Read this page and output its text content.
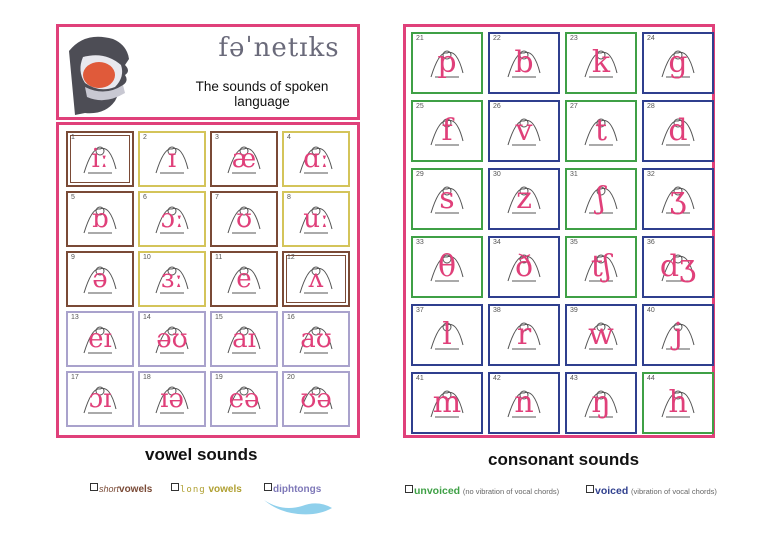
fəˈnetɪks
The sounds of spoken language
1
iː
2
ɪ
3
æ
4
ɑː
5
ɒ
6
ɔː
7
ʊ
8
uː
9
ə
10
ɜː
11
e
12
ʌ
13
eɪ
14
əʊ
15
aɪ
16
aʊ
17
ɔɪ
18
ɪə
19
eə
20
ʊə
21
p
22
b
23
k
24
g
25
f
26
v
27
t
28
d
29
s
30
z
31
ʃ
32
ʒ
33
θ
34
ð
35
tʃ
36
dʒ
37
l
38
r
39
w
40
j
41
m
42
n
43
ŋ
44
h
vowel sounds	consonant sounds
shortvowels	long vowels	diphtongs	unvoiced (no vibration of vocal chords)	voiced (vibration of vocal chords)
